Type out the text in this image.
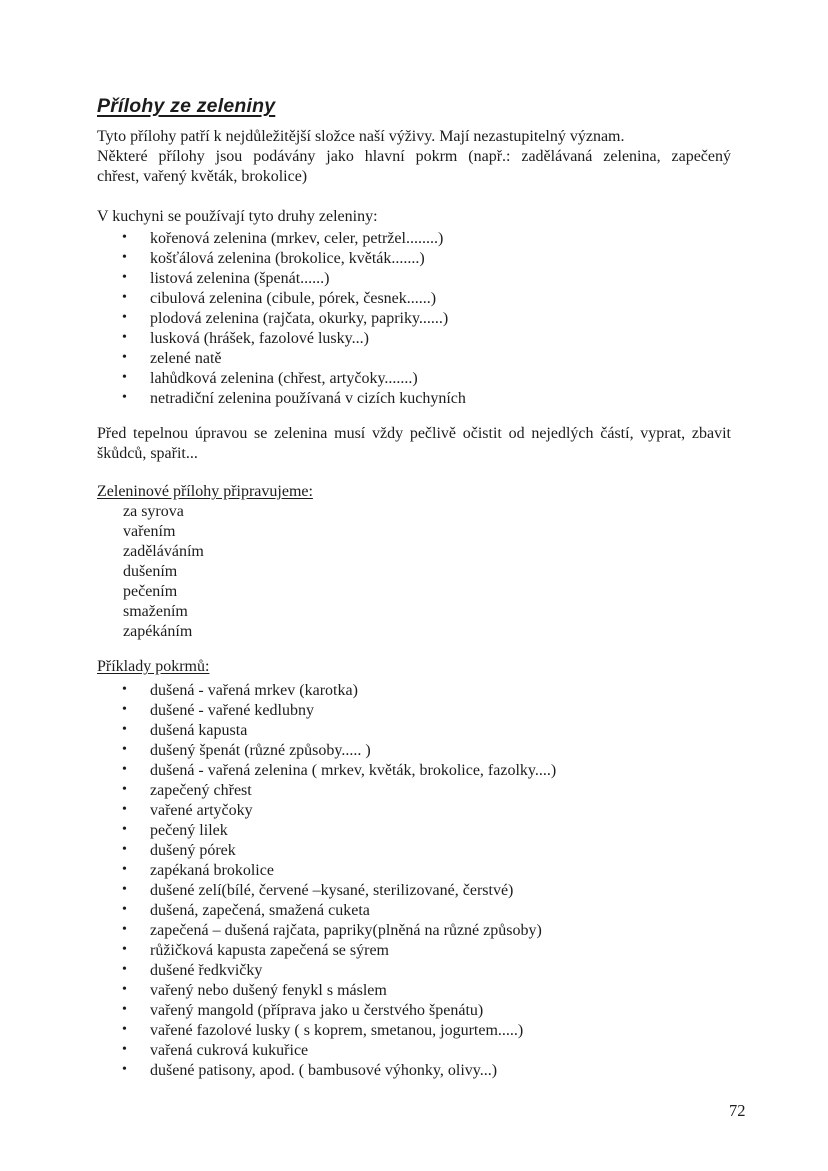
Přílohy ze zeleniny

Tyto přílohy patří k nejdůležitější složce naší výživy. Mají nezastupitelný význam.
Některé přílohy jsou podávány jako hlavní pokrm (např.: zadělávaná zelenina, zapečený
chřest, vařený květák, brokolice)

V kuchyni se používají tyto druhy zeleniny:

• kořenová zelenina (mrkev, celer, petržel........)
• košťálová zelenina (brokolice, květák.......)
• listová zelenina (špenát......)
• cibulová zelenina (cibule, pórek, česnek......)
• plodová zelenina (rajčata, okurky, papriky......)
• lusková (hrášek, fazolové lusky...)
• zelené natě
• lahůdková zelenina (chřest, artyčoky.......)
• netradiční zelenina používaná v cizích kuchyních

Před tepelnou úpravou se zelenina musí vždy pečlivě očistit od nejedlých částí, vyprat, zbavit
škůdců, spařit...

Zeleninové přílohy připravujeme:
za syrova
vařením
zaděláváním
dušením
pečením
smažením
zapékáním
Příklady pokrmů:
• dušená - vařená mrkev (karotka)
• dušené - vařené kedlubny
• dušená kapusta
• dušený špenát (různé způsoby..... )
• dušená - vařená zelenina ( mrkev, květák, brokolice, fazolky....)
• zapečený chřest
• vařené artyčoky
• pečený lilek
• dušený pórek
• zapékaná brokolice
• dušené zelí(bílé, červené –kysané, sterilizované, čerstvé)
• dušená, zapečená, smažená cuketa
• zapečená – dušená rajčata, papriky(plněná na různé způsoby)
• růžičková kapusta zapečená se sýrem
• dušené ředkvičky
• vařený nebo dušený fenykl s máslem
• vařený mangold (příprava jako u čerstvého špenátu)
• vařené fazolové lusky ( s koprem, smetanou, jogurtem.....)
• vařená cukrová kukuřice
• dušené patisony, apod. ( bambusové výhonky, olivy...)
72
